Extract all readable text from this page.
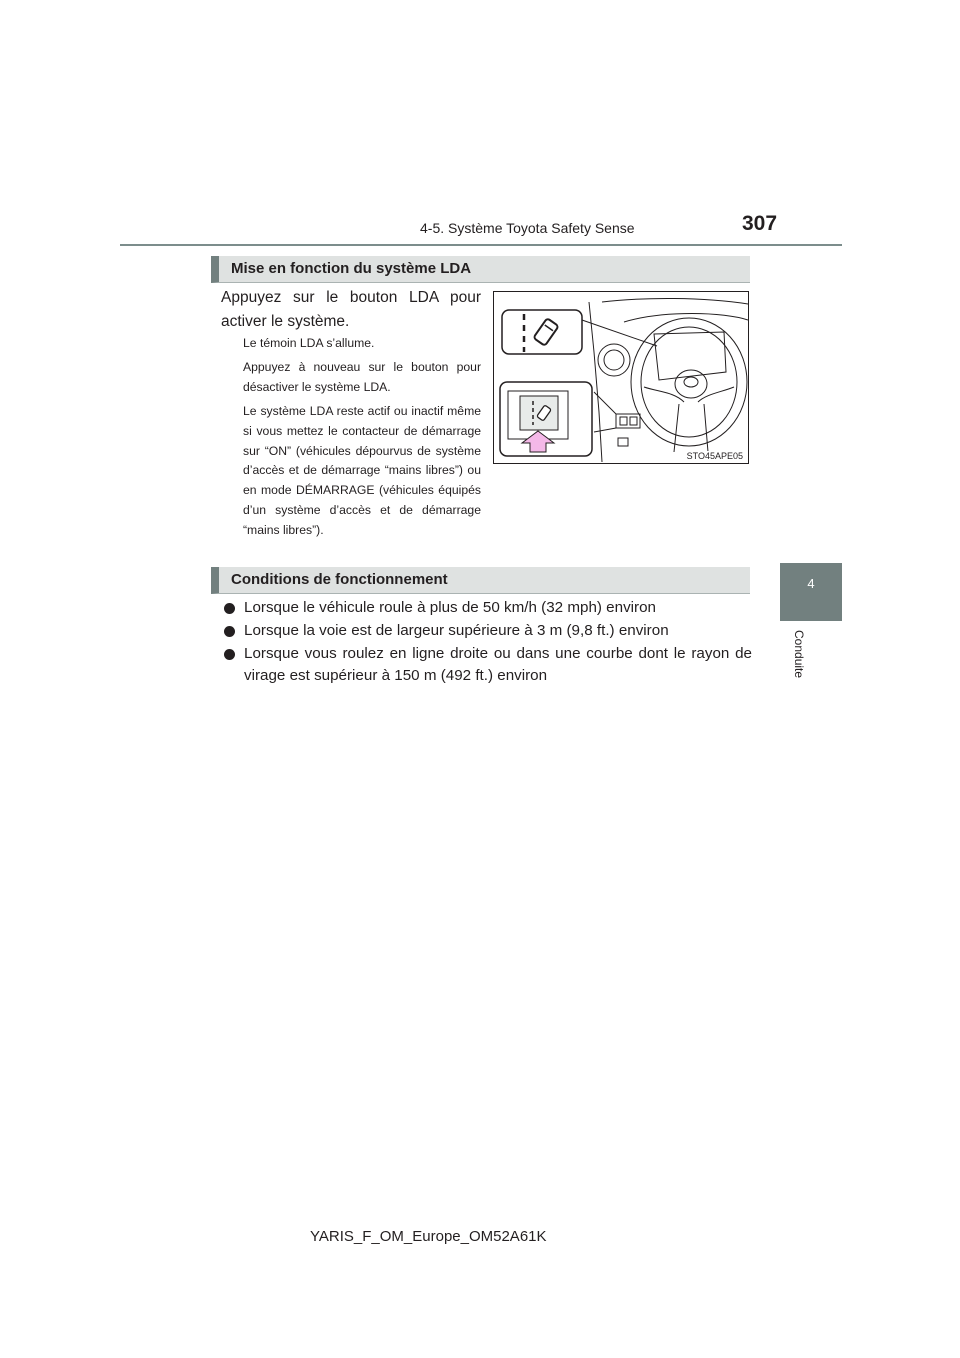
4-5. Système Toyota Safety Sense	307
4
Conduite
Mise en fonction du système LDA
Appuyez sur le bouton LDA pour activer le système.
Le témoin LDA s’allume.
Appuyez à nouveau sur le bouton pour désactiver le système LDA.
Le système LDA reste actif ou inactif même si vous mettez le contacteur de démarrage sur “ON” (véhicules dépourvus de système d’accès et de démarrage “mains libres”) ou en mode DÉMARRAGE (véhicules équipés d’un système d’accès et de démarrage “mains libres”).
STO45APE05
Conditions de fonctionnement
Lorsque le véhicule roule à plus de 50 km/h (32 mph) environ
Lorsque la voie est de largeur supérieure à 3 m (9,8 ft.) environ
Lorsque vous roulez en ligne droite ou dans une courbe dont le rayon de virage est supérieur à 150 m (492 ft.) environ
YARIS_F_OM_Europe_OM52A61K
